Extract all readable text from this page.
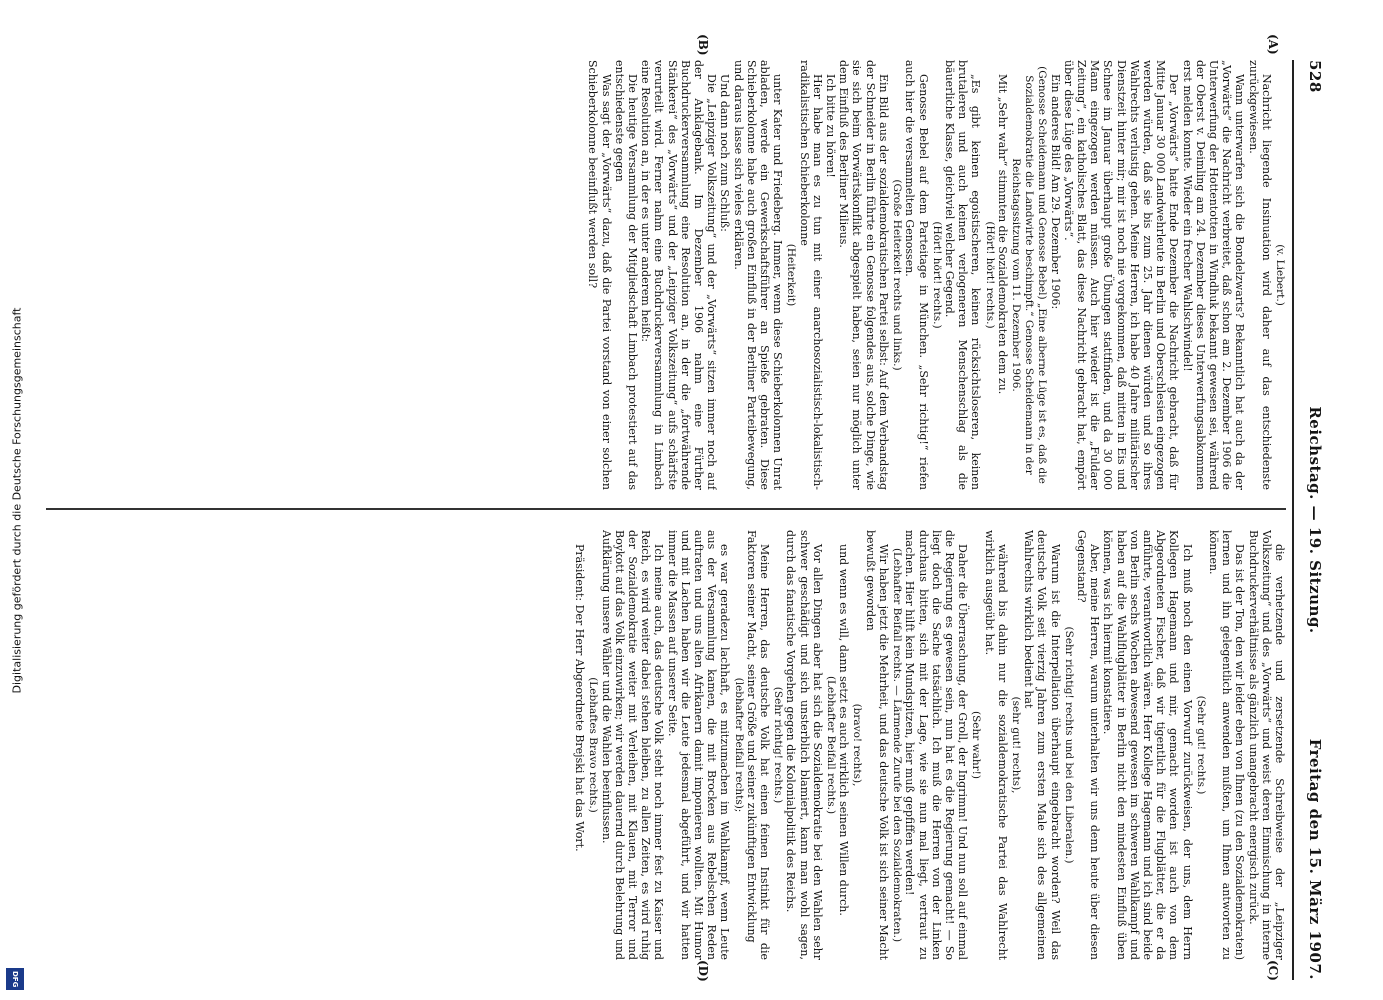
528
Reichstag. — 19. Sitzung.
Freitag den 15. März 1907.

(v. Liebert.)

Nachricht liegende Insinuation wird daher auf das entschiedenste zurückgewiesen.

Wann unterwarfen sich die Bondelzwarts? Bekanntlich hat auch da der „Vorwärts“ die Nachricht verbreitet, daß schon am 2. Dezember 1906 die Unterwerfung der Hottentotten in Windhuk bekannt gewesen sei, während der Oberst v. Deimling am 24. Dezember dieses Unterwerfungsabkommen erst melden konnte. Wieder ein frecher Wahlschwindel!

Der „Vorwärts“ hatte Ende Dezember die Nachricht gebracht, daß für Mitte Januar 30 000 Landwehrleute in Berlin und Oberschlesien eingezogen werden würden, daß sie bis zum 25. Jahr dienen würden und so ihres Wahlrechts verlustig gehen. Meine Herren, ich habe 40 Jahre militärischer Dienstzeit hinter mir; mir ist noch nie vorgekommen, daß mitten in Eis und Schnee im Januar überhaupt große Übungen stattfinden, und da 30 000 Mann eingezogen werden müssen. Auch hier wieder ist die „Fuldaer Zeitung“, ein katholisches Blatt, das diese Nachricht gebracht hat, empört über diese Lüge des „Vorwärts“.

Ein anderes Bild! Am 29. Dezember 1906:

(Genosse Scheidemann und Genosse Bebel) „Eine alberne Lüge ist es, daß die Sozialdemokratie die Landwirte beschimpft.“ Genosse Scheidemann in der Reichstagssitzung vom 11. Dezember 1906.

Mit „Sehr wahr“ stimmten die Sozialdemokraten dem zu.

(Hört! hört! rechts.)

„Es gibt keinen egoistischeren, keinen rücksichtsloseren, keinen brutaleren und auch keinen verlogeneren Menschenschlag als die bäuerliche Klasse, gleichviel welcher Gegend.

(Hört! hört! rechts.)

Genosse Bebel auf dem Parteitage in München. „Sehr richtig!“ riefen auch hier die versammelten Genossen.

(Große Heiterkeit rechts und links.)

Ein Bild aus der sozialdemokratischen Partei selbst: Auf dem Verbandstag der Schneider in Berlin führte ein Genosse folgendes aus, solche Dinge, wie sie sich beim Vorwärtskonflikt abgespielt haben, seien nur möglich unter dem Einfluß des Berliner Milieus.

Ich bitte zu hören!

Hier habe man es zu tun mit einer anarchosozialistisch-lokalistisch-radikalistischen Schieberkolonne

(Heiterkeit)

unter Kater und Friedeberg. Immer, wenn diese Schieberkolonnen Unrat abladen, werde ein Gewerkschaftsführer an Spieße gebraten. Diese Schieberkolonne habe auch großen Einfluß in der Berliner Parteibewegung, und daraus lasse sich vieles erklären.

Und dann noch zum Schluß:

Die „Leipziger Volkszeitung“ und der „Vorwärts“ sitzen immer noch auf der Anklagebank. Im Dezember 1906 nahm eine Fürther Buchdruckerversammlung eine Resolution an, in der die „fortwährende Stänkerei“ des „Vorwärts“ und der „Leipziger Volkszeitung“ aufs schärfste verurteilt wird. Ferner nahm eine Buchdruckerversammlung in Limbach eine Resolution an, in der es unter anderem heißt:

Die heutige Versammlung der Mitgliedschaft Limbach protestiert auf das entschiedenste gegen

Was sagt der „Vorwärts“ dazu, daß die Partei vorstand von einer solchen Schieberkolonne beeinflußt werden soll?

die verhetzende und zersetzende Schreibweise der „Leipziger Volkszeitung“ und des „Vorwärts“ und weist deren Einmischung in interne Buchdruckerverhältnisse als gänzlich unangebracht energisch zurück.

Das ist der Ton, den wir leider eben von Ihnen (zu den Sozialdemokraten) lernen und ihn gelegentlich anwenden mußten, um Ihnen antworten zu können.

(Sehr gut! rechts.)

Ich muß noch den einen Vorwurf zurückweisen, der uns, dem Herrn Kollegen Hagemann und mir, gemacht worden ist auch von dem Abgeordneten Fischer, daß wir tigentlich für die Flugblätter, die er da anführte, verantwortlich wären. Herr Kollege Hagemann und ich sind beide von Berlin sechs Wochen abwesend gewesen im schweren Wahlkampf und haben auf die Wahlflugblätter in Berlin nicht den mindesten Einfluß üben können, was ich hiermit konstatiere.

Aber, meine Herren, warum unterhalten wir uns denn heute über diesen Gegenstand?

(Sehr richtig! rechts und bei den Liberalen.)

Warum ist die Interpellation überhaupt eingebracht worden? Weil das deutsche Volk seit vierzig Jahren zum ersten Male sich des allgemeinen Wahlrechts wirklich bedient hat

(sehr gut! rechts),

während bis dahin nur die sozialdemokratische Partei das Wahlrecht wirklich ausgeübt hat.

(Sehr wahr!)

Daher die Überraschung, der Groll, der Ingrimm! Und nun soll auf einmal die Regierung es gewesen sein, nun hat es die Regierung gemacht! — So liegt doch die Sache tatsächlich. Ich muß die Herren von der Linken durchaus bitten, sich mit der Lage, wie sie nun mal liegt, vertraut zu machen. Hier hilft kein Mundspitzen, hier muß gepfiffen werden!

(Lebhafter Beifall rechts. — Lärmende Zurufe bei den Sozialdemokraten.)

Wir haben jetzt die Mehrheit, und das deutsche Volk ist sich seiner Macht bewußt geworden

(bravo! rechts),

und wenn es will, dann setzt es auch wirklich seinen Willen durch.

(Lebhafter Beifall rechts.)

Vor allen Dingen aber hat sich die Sozialdemokratie bei den Wahlen sehr schwer geschädigt und sich unsterblich blamiert, kann man wohl sagen, durch das fanatische Vorgehen gegen die Kolonialpolitik des Reichs.

(Sehr richtig! rechts.)

Meine Herren, das deutsche Volk hat einen feinen Instinkt für die Faktoren seiner Macht, seiner Größe und seiner zukünftigen Entwicklung

(lebhafter Beifall rechts);

es war geradezu lachhaft, es mitzumachen im Wahlkampf, wenn Leute aus der Versammlung kamen, die mit Brocken aus Rebelschen Reden auftraten und uns alten Afrikanern damit imponieren wollten. Mit Humor und mit Lachen haben wir die Leute jedesmal abgeführt, und wir hatten immer die Massen auf unserer Seite.

Ich meine auch, das deutsche Volk steht noch immer fest zu Kaiser und Reich, es wird weiter dabei stehen bleiben, zu allen Zeiten, es wird ruhig der Sozialdemokratie weiter mit Verleihen, mit Klauen, mit Terror und Boykott auf das Volk einzuwirken; wir werden dauernd durch Belehrung und Aufklärung unsere Wähler und die Wahlen beeinflussen.

(Lebhaftes Bravo rechts.)

Präsident: Der Herr Abgeordnete Brejski hat das Wort.

(A)
(B)
(C)
(D)
Digitalisierung gefördert durch die Deutsche Forschungsgemeinschaft
DFG
